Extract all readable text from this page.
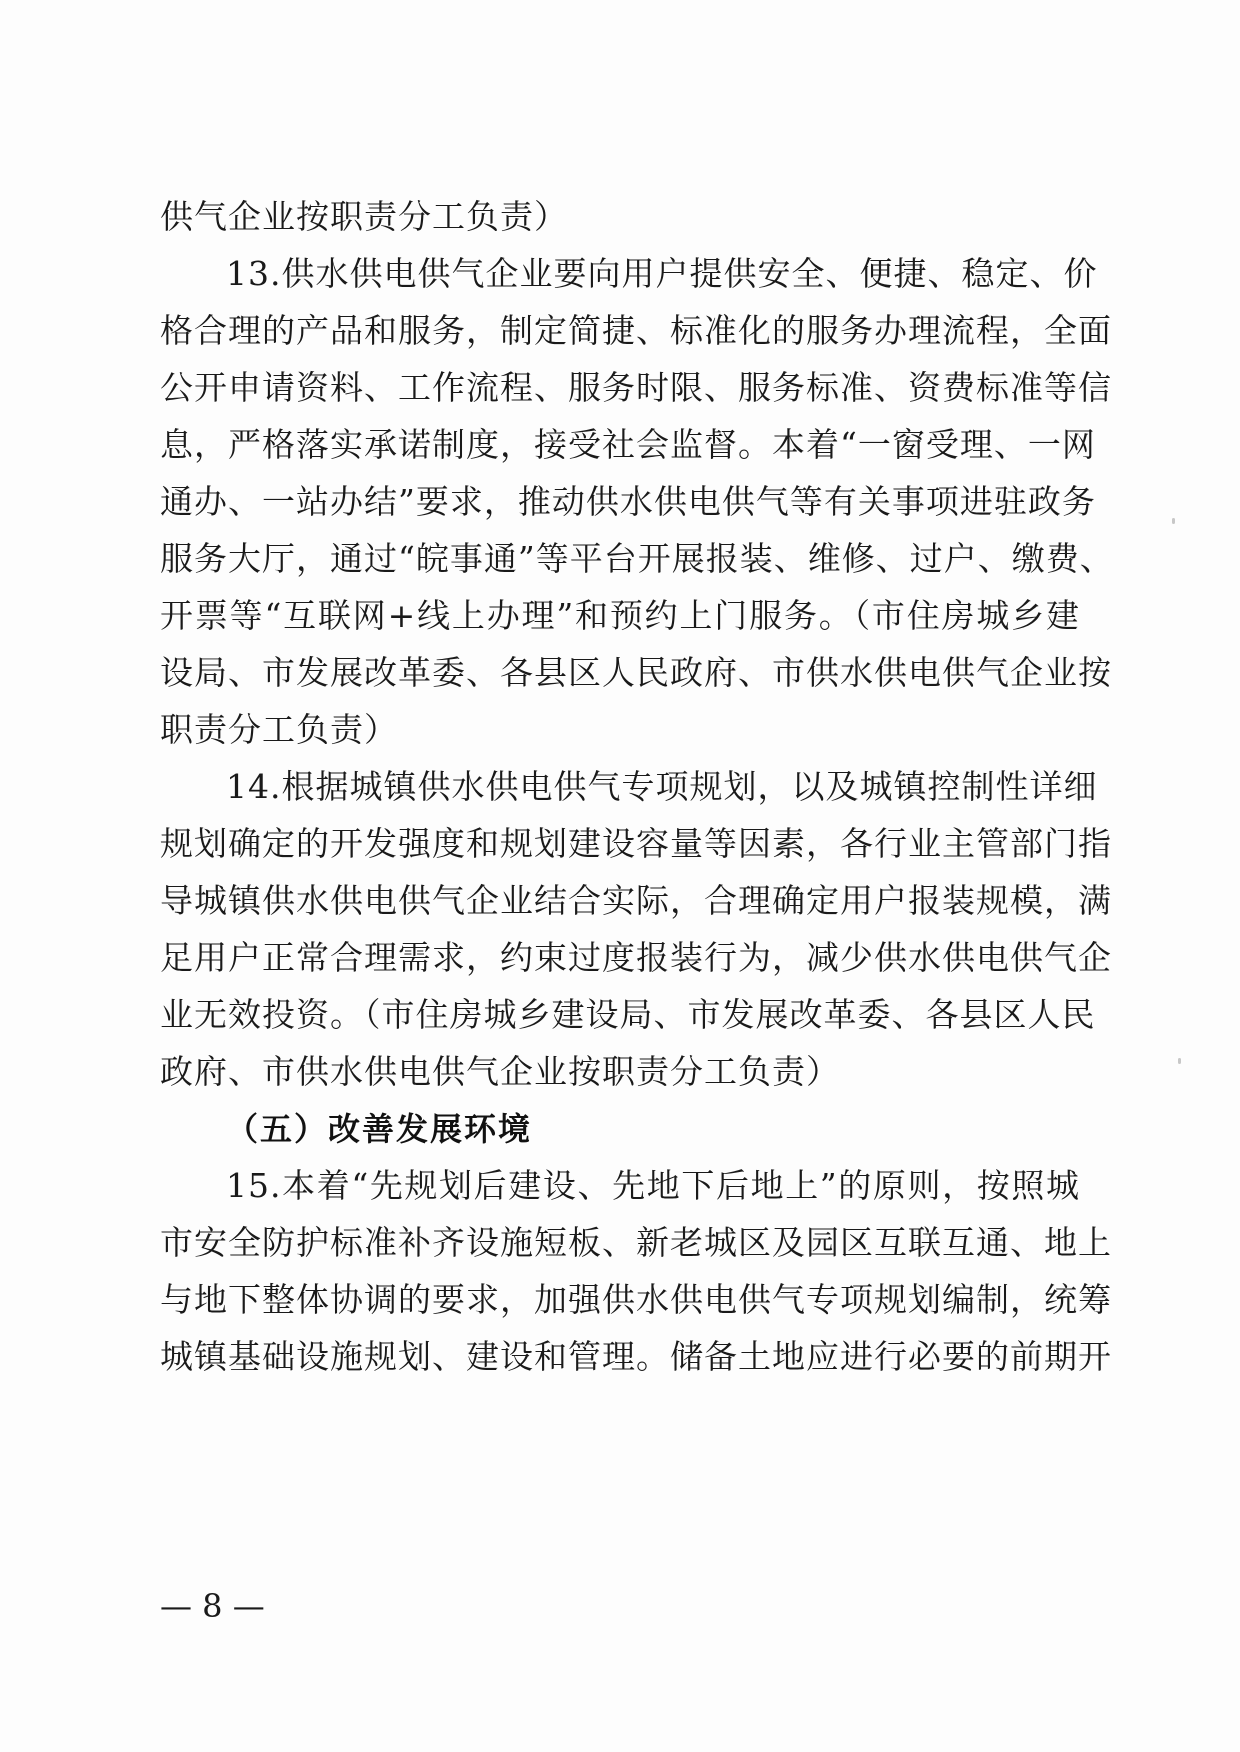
供气企业按职责分工负责）
13.供水供电供气企业要向用户提供安全、便捷、稳定、价
格合理的产品和服务，制定简捷、标准化的服务办理流程，全面
公开申请资料、工作流程、服务时限、服务标准、资费标准等信
息，严格落实承诺制度，接受社会监督。本着“一窗受理、一网
通办、一站办结”要求，推动供水供电供气等有关事项进驻政务
服务大厅，通过“皖事通”等平台开展报装、维修、过户、缴费、
开票等“互联网+线上办理”和预约上门服务。（市住房城乡建
设局、市发展改革委、各县区人民政府、市供水供电供气企业按
职责分工负责）
14.根据城镇供水供电供气专项规划，以及城镇控制性详细
规划确定的开发强度和规划建设容量等因素，各行业主管部门指
导城镇供水供电供气企业结合实际，合理确定用户报装规模，满
足用户正常合理需求，约束过度报装行为，减少供水供电供气企
业无效投资。（市住房城乡建设局、市发展改革委、各县区人民
政府、市供水供电供气企业按职责分工负责）
（五）改善发展环境
15.本着“先规划后建设、先地下后地上”的原则，按照城
市安全防护标准补齐设施短板、新老城区及园区互联互通、地上
与地下整体协调的要求，加强供水供电供气专项规划编制，统筹
城镇基础设施规划、建设和管理。储备土地应进行必要的前期开
— 8 —
